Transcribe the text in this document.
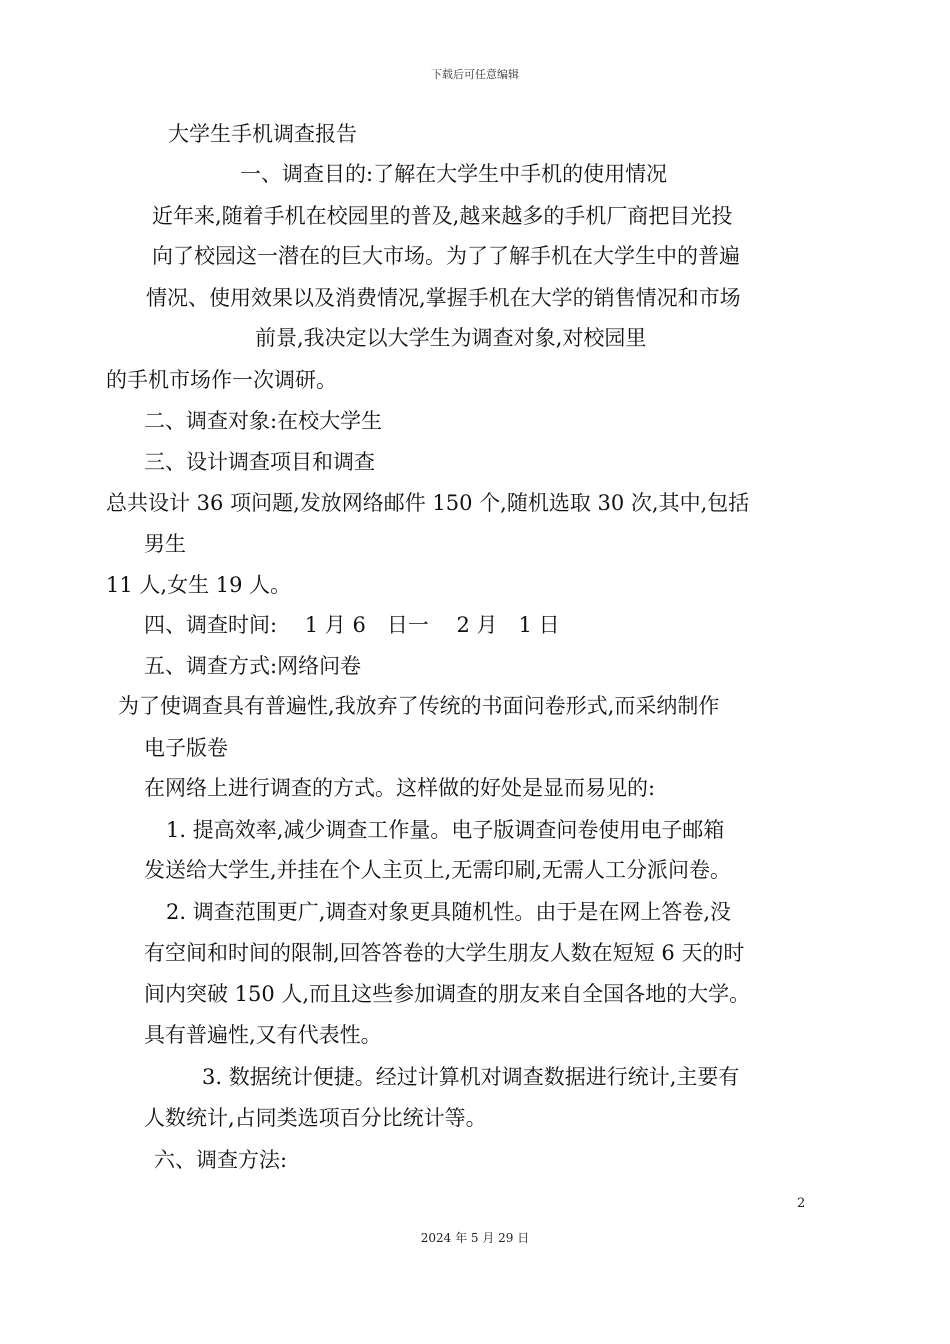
下载后可任意编辑
大学生手机调查报告
一、调查目的:了解在大学生中手机的使用情况
近年来,随着手机在校园里的普及,越来越多的手机厂商把目光投
向了校园这一潜在的巨大市场。为了了解手机在大学生中的普遍
情况、使用效果以及消费情况,掌握手机在大学的销售情况和市场
前景,我决定以大学生为调查对象,对校园里
的手机市场作一次调研。
二、调查对象:在校大学生
三、设计调查项目和调查
总共设计 36 项问题,发放网络邮件 150 个,随机选取 30 次,其中,包括
男生
11 人,女生 19 人。
四、调查时间:　 1 月 6　日一　 2 月　1 日
五、调查方式:网络问卷
为了使调查具有普遍性,我放弃了传统的书面问卷形式,而采纳制作
电子版卷
在网络上进行调查的方式。这样做的好处是显而易见的:
1. 提高效率,减少调查工作量。电子版调查问卷使用电子邮箱
发送给大学生,并挂在个人主页上,无需印刷,无需人工分派问卷。
2. 调查范围更广,调查对象更具随机性。由于是在网上答卷,没
有空间和时间的限制,回答答卷的大学生朋友人数在短短 6 天的时
间内突破 150 人,而且这些参加调查的朋友来自全国各地的大学。
具有普遍性,又有代表性。
3. 数据统计便捷。经过计算机对调查数据进行统计,主要有
人数统计,占同类选项百分比统计等。
六、调查方法:
2
2024 年 5 月 29 日
